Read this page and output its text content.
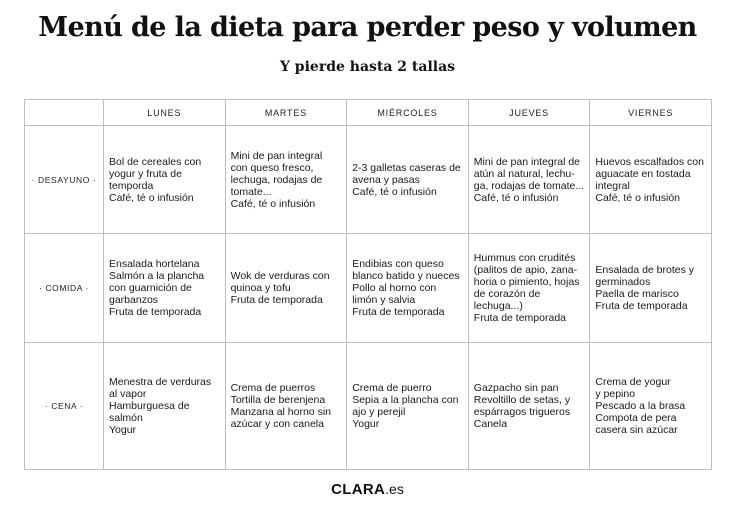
Menú de la dieta para perder peso y volumen
Y pierde hasta 2 tallas
	LUNES	MARTES	MIÉRCOLES	JUEVES	VIERNES
· DESAYUNO ·	Bol de cereales con
yogur y fruta de
temporda
Café, té o infusión	Mini de pan integral
con queso fresco,
lechuga, rodajas de
tomate...
Café, té o infusión	2-3 galletas caseras de
avena y pasas
Café, té o infusión	Mini de pan integral de
atún al natural, lechu-
ga, rodajas de tomate...
Café, té o infusión	Huevos escalfados con
aguacate en tostada
integral
Café, té o infusión
· COMIDA ·	Ensalada hortelana
Salmón a la plancha
con guarnición de
garbanzos
Fruta de temporada	Wok de verduras con
quinoa y tofu
Fruta de temporada	Endibias con queso
blanco batido y nueces
Pollo al horno con
limón y salvia
Fruta de temporada	Hummus con crudités
(palitos de apio, zana-
horia o pimiento, hojas
de corazón de lechuga...)
Fruta de temporada	Ensalada de brotes y
germinados
Paella de marisco
Fruta de temporada
· CENA ·	Menestra de verduras
al vapor
Hamburguesa de
salmón
Yogur	Crema de puerros
Tortilla de berenjena
Manzana al horno sin
azúcar y con canela	Crema de puerro
Sepia a la plancha con
ajo y perejil
Yogur	Gazpacho sin pan
Revoltillo de setas, y
espárragos trigueros
Canela	Crema de yogur
y pepino
Pescado a la brasa
Compota de pera
casera sin azúcar
CLARA.es
